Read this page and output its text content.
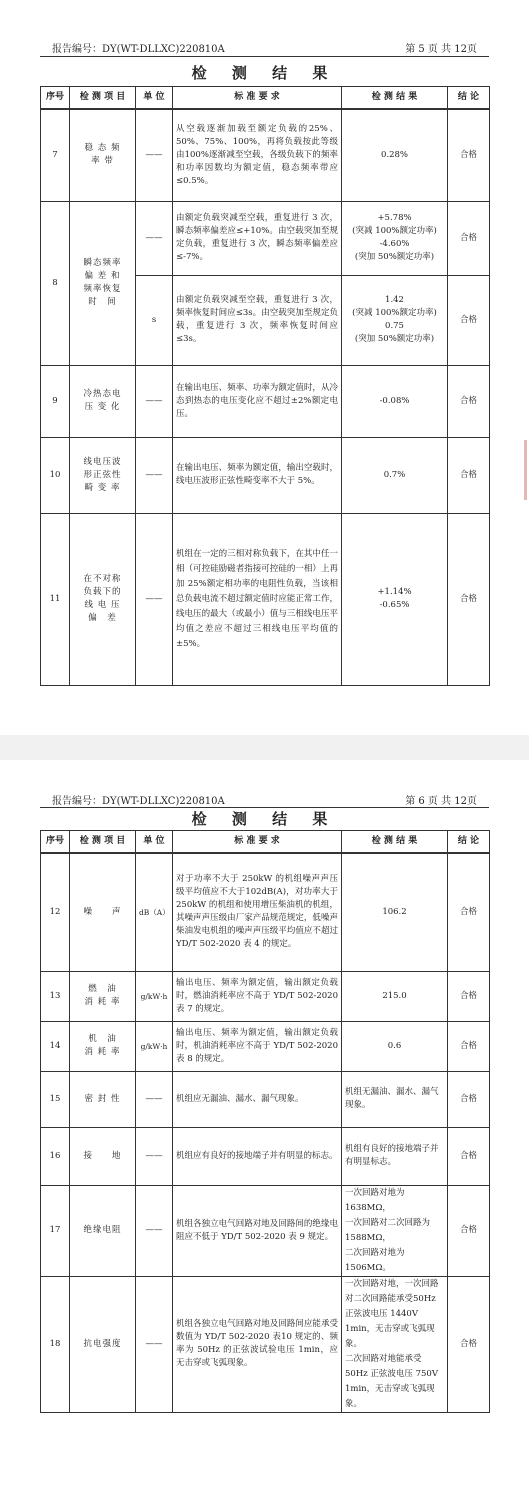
报告编号：DY(WT-DLLXC)220810A	第 5 页 共 12页
检 测 结 果
序号	检 测 项 目	单 位	标 准 要 求	检 测 结 果	结 论
7	稳 态 频
率 带	——	从空载逐渐加载至额定负载的25%、50%、75%、100%，再将负载按此等级由100%逐渐减至空载，各级负载下的频率和功率因数均为额定值，稳态频率带应≤0.5%。	0.28%	合格
8	瞬态频率
偏 差 和
频率恢复
时　间	——	由额定负载突减至空载，重复进行 3 次，瞬态频率偏差应≤+10%。由空载突加至规定负载，重复进行 3 次，瞬态频率偏差应≤-7%。	+5.78%
(突减 100%额定功率)
-4.60%
(突加 50%额定功率)	合格
		s	由额定负载突减至空载，重复进行 3 次，频率恢复时间应≤3s。由空载突加至规定负载，重复进行 3 次，频率恢复时间应≤3s。	1.42
(突减 100%额定功率)
0.75
(突加 50%额定功率)	合格
9	冷热态电
压 变 化	——	在输出电压、频率、功率为额定值时，从冷态到热态的电压变化应不超过±2%额定电压。	-0.08%	合格
10	线电压波
形正弦性
畸 变 率	——	在输出电压、频率为额定值，输出空载时，线电压波形正弦性畸变率不大于 5%。	0.7%	合格
11	在不对称
负载下的
线 电 压
偏　差	——	机组在一定的三相对称负载下，在其中任一相（可控硅励磁者指接可控硅的一相）上再加 25%额定相功率的电阻性负载，当该相总负载电流不超过额定值时应能正常工作，线电压的最大（或最小）值与三相线电压平均值之差应不超过三相线电压平均值的±5%。	+1.14%
-0.65%	合格
报告编号：DY(WT-DLLXC)220810A	第 6 页 共 12页
检 测 结 果
序号	检 测 项 目	单 位	标 准 要 求	检 测 结 果	结 论
12	噪　　声	dB（A）	对于功率不大于 250kW 的机组噪声声压级平均值应不大于102dB(A)，对功率大于 250kW 的机组和使用增压柴油机的机组，其噪声声压级由厂家产品规范规定，低噪声柴油发电机组的噪声声压级平均值应不超过 YD/T 502-2020 表 4 的规定。	106.2	合格
13	燃　油
消 耗 率	g/kW·h	输出电压、频率为额定值，输出额定负载时，燃油消耗率应不高于 YD/T 502-2020 表 7 的规定。	215.0	合格
14	机　油
消 耗 率	g/kW·h	输出电压、频率为额定值，输出额定负载时，机油消耗率应不高于 YD/T 502-2020 表 8 的规定。	0.6	合格
15	密 封 性	——	机组应无漏油、漏水、漏气现象。	机组无漏油、漏水、漏气现象。	合格
16	接　　地	——	机组应有良好的接地端子并有明显的标志。	机组有良好的接地端子并有明显标志。	合格
17	绝缘电阻	——	机组各独立电气回路对地及回路间的绝缘电阻应不低于 YD/T 502-2020 表 9 规定。	一次回路对地为1638MΩ，
一次回路对二次回路为 1588MΩ，
二次回路对地为1506MΩ。	合格
18	抗电强度	——	机组各独立电气回路对地及回路间应能承受数值为 YD/T 502-2020 表10 规定的、频率为 50Hz 的正弦波试验电压 1min，应无击穿或飞弧现象。	一次回路对地，一次回路对二次回路能承受50Hz 正弦波电压 1440V 1min，无击穿或飞弧现象。
二次回路对地能承受 50Hz 正弦波电压 750V 1min，无击穿或飞弧现象。	合格
